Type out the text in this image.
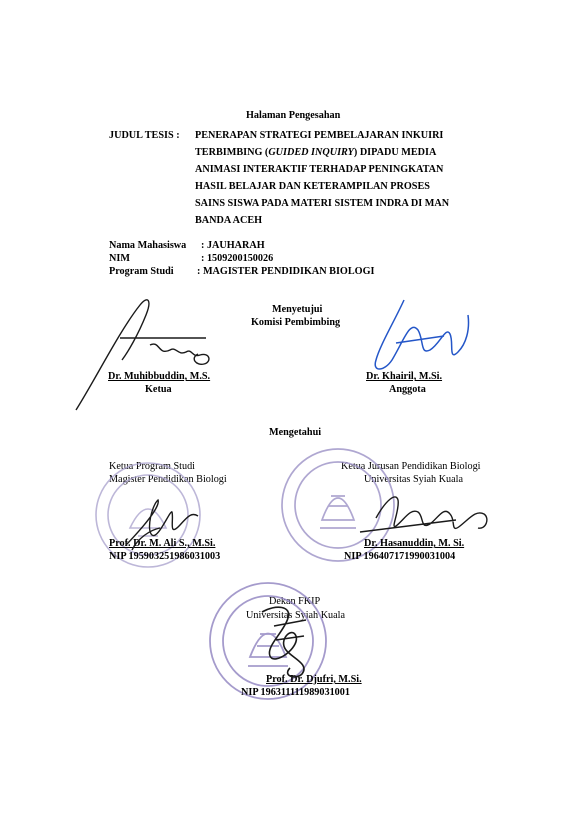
Halaman Pengesahan
JUDUL TESIS : PENERAPAN STRATEGI PEMBELAJARAN INKUIRI
TERBIMBING (GUIDED INQUIRY) DIPADU MEDIA
ANIMASI INTERAKTIF TERHADAP PENINGKATAN
HASIL BELAJAR DAN KETERAMPILAN PROSES
SAINS SISWA PADA MATERI SISTEM INDRA DI MAN
BANDA ACEH
Nama Mahasiswa : JAUHARAH
NIM	: 1509200150026
Program Studi : MAGISTER PENDIDIKAN BIOLOGI
Menyetujui
Komisi Pembimbing
Mengetahui
Ketua Program Studi
Magister Pendidikan Biologi
Ketua Jurusan Pendidikan Biologi
Universitas Syiah Kuala
Dekan FKIP
Universitas Syiah Kuala
Dr. Muhibbuddin, M.S.
Ketua
Dr. Khairil, M.Si.
Anggota
Prof. Dr. M. Ali S., M.Si.
NIP 195903251986031003
Dr. Hasanuddin, M. Si.
NIP 196407171990031004
Prof. Dr. Djufri, M.Si.
NIP 196311111989031001
